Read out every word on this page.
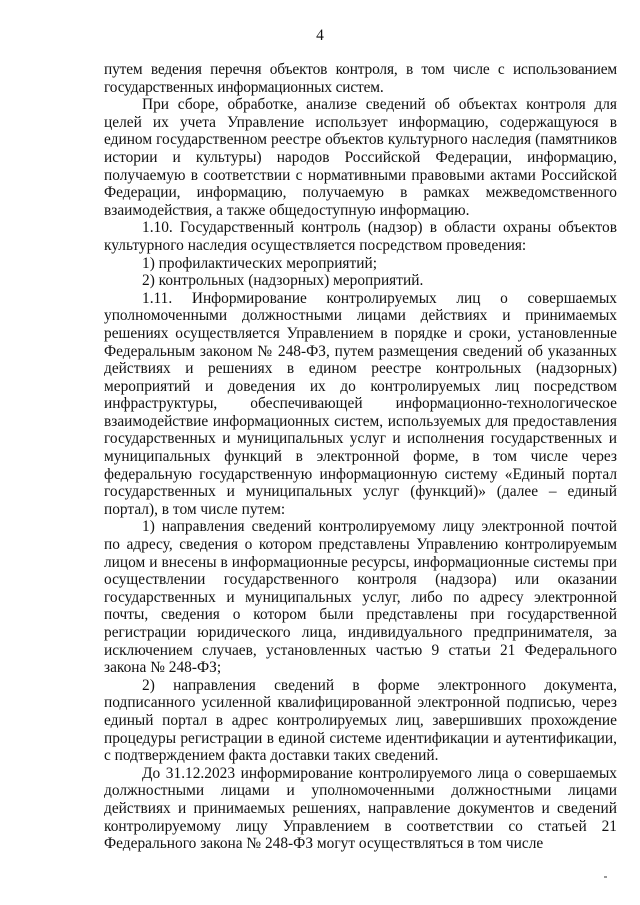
4

путем ведения перечня объектов контроля, в том числе с использованием государственных информационных систем.

При сборе, обработке, анализе сведений об объектах контроля для целей их учета Управление использует информацию, содержащуюся в едином государственном реестре объектов культурного наследия (памятников истории и культуры) народов Российской Федерации, информацию, получаемую в соответствии с нормативными правовыми актами Российской Федерации, информацию, получаемую в рамках межведомственного взаимодействия, а также общедоступную информацию.

1.10. Государственный контроль (надзор) в области охраны объектов культурного наследия осуществляется посредством проведения:

1) профилактических мероприятий;

2) контрольных (надзорных) мероприятий.

1.11. Информирование контролируемых лиц о совершаемых уполномоченными должностными лицами действиях и принимаемых решениях осуществляется Управлением в порядке и сроки, установленные Федеральным законом № 248-ФЗ, путем размещения сведений об указанных действиях и решениях в едином реестре контрольных (надзорных) мероприятий и доведения их до контролируемых лиц посредством инфраструктуры, обеспечивающей информационно-технологическое взаимодействие информационных систем, используемых для предоставления государственных и муниципальных услуг и исполнения государственных и муниципальных функций в электронной форме, в том числе через федеральную государственную информационную систему «Единый портал государственных и муниципальных услуг (функций)» (далее – единый портал), в том числе путем:

1) направления сведений контролируемому лицу электронной почтой по адресу, сведения о котором представлены Управлению контролируемым лицом и внесены в информационные ресурсы, информационные системы при осуществлении государственного контроля (надзора) или оказании государственных и муниципальных услуг, либо по адресу электронной почты, сведения о котором были представлены при государственной регистрации юридического лица, индивидуального предпринимателя, за исключением случаев, установленных частью 9 статьи 21 Федерального закона № 248-ФЗ;

2) направления сведений в форме электронного документа, подписанного усиленной квалифицированной электронной подписью, через единый портал в адрес контролируемых лиц, завершивших прохождение процедуры регистрации в единой системе идентификации и аутентификации, с подтверждением факта доставки таких сведений.

До 31.12.2023 информирование контролируемого лица о совершаемых должностными лицами и уполномоченными должностными лицами действиях и принимаемых решениях, направление документов и сведений контролируемому лицу Управлением в соответствии со статьей 21 Федерального закона № 248-ФЗ могут осуществляться в том числе
